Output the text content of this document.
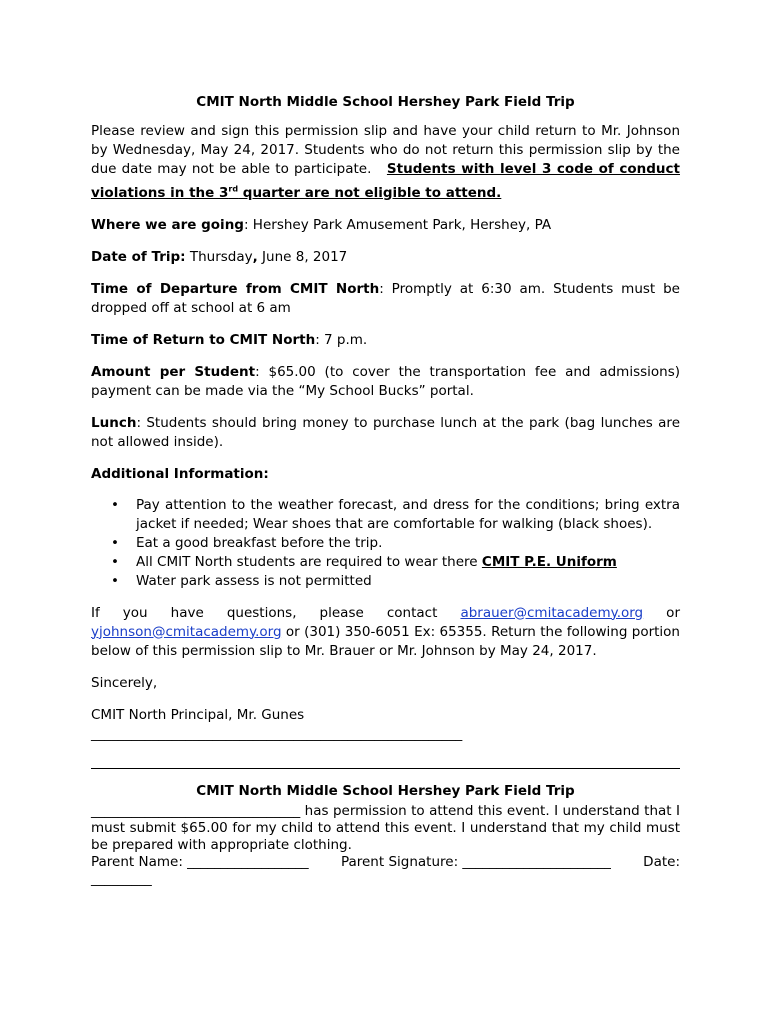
CMIT North Middle School Hershey Park Field Trip

Please review and sign this permission slip and have your child return to Mr. Johnson by Wednesday, May 24, 2017. Students who do not return this permission slip by the due date may not be able to participate. Students with level 3 code of conduct violations in the 3rd quarter are not eligible to attend.

Where we are going: Hershey Park Amusement Park, Hershey, PA

Date of Trip: Thursday, June 8, 2017

Time of Departure from CMIT North: Promptly at 6:30 am. Students must be dropped off at school at 6 am

Time of Return to CMIT North: 7 p.m.

Amount per Student: $65.00 (to cover the transportation fee and admissions) payment can be made via the “My School Bucks” portal.

Lunch: Students should bring money to purchase lunch at the park (bag lunches are not allowed inside).

Additional Information:

• Pay attention to the weather forecast, and dress for the conditions; bring extra jacket if needed; Wear shoes that are comfortable for walking (black shoes).
• Eat a good breakfast before the trip.
• All CMIT North students are required to wear there CMIT P.E. Uniform
• Water park assess is not permitted

If you have questions, please contact abrauer@cmitacademy.org or yjohnson@cmitacademy.org or (301) 350-6051 Ex: 65355. Return the following portion below of this permission slip to Mr. Brauer or Mr. Johnson by May 24, 2017.

Sincerely,

CMIT North Principal, Mr. Gunes
_______________________________________________________
CMIT North Middle School Hershey Park Field Trip
_______________________________ has permission to attend this event. I understand that I must submit $65.00 for my child to attend this event. I understand that my child must be prepared with appropriate clothing.
Parent Name: __________________ Parent Signature: ______________________ Date:
_________
